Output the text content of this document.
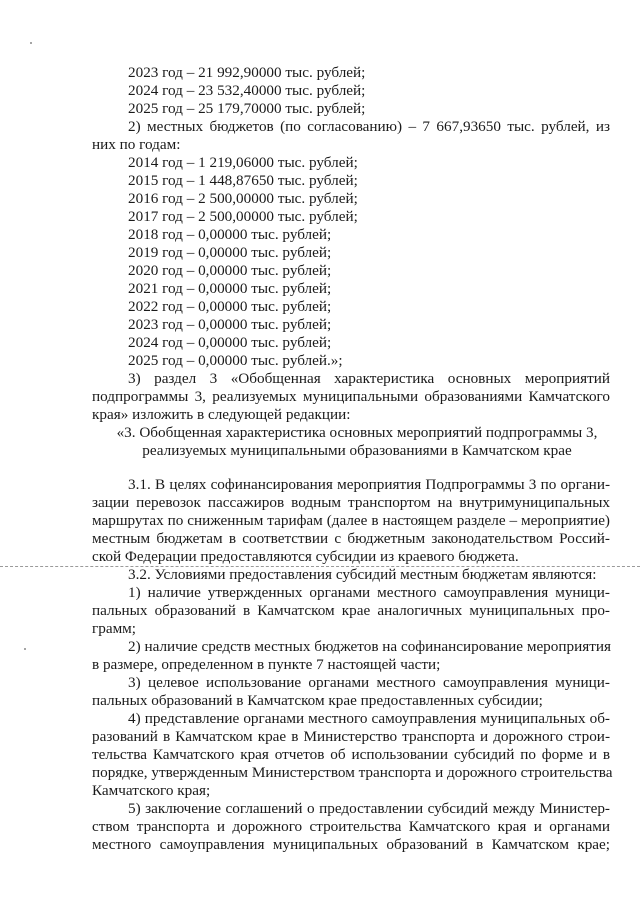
2023 год – 21 992,90000 тыс. рублей;

2024 год – 23 532,40000 тыс. рублей;

2025 год – 25 179,70000 тыс. рублей;

2) местных бюджетов (по согласованию) – 7 667,93650 тыс. рублей, из

них по годам:

2014 год – 1 219,06000 тыс. рублей;

2015 год – 1 448,87650 тыс. рублей;

2016 год – 2 500,00000 тыс. рублей;

2017 год – 2 500,00000 тыс. рублей;

2018 год – 0,00000 тыс. рублей;

2019 год – 0,00000 тыс. рублей;

2020 год – 0,00000 тыс. рублей;

2021 год – 0,00000 тыс. рублей;

2022 год – 0,00000 тыс. рублей;

2023 год – 0,00000 тыс. рублей;

2024 год – 0,00000 тыс. рублей;

2025 год – 0,00000 тыс. рублей.»;

3) раздел 3 «Обобщенная характеристика основных мероприятий

подпрограммы 3, реализуемых муниципальными образованиями Камчатского

края» изложить в следующей редакции:

«3. Обобщенная характеристика основных мероприятий подпрограммы 3,

реализуемых муниципальными образованиями в Камчатском крае

3.1. В целях софинансирования мероприятия Подпрограммы 3 по органи-

зации перевозок пассажиров водным транспортом на внутримуниципальных

маршрутах по сниженным тарифам (далее в настоящем разделе – мероприятие)

местным бюджетам в соответствии с бюджетным законодательством Россий-

ской Федерации предоставляются субсидии из краевого бюджета.

3.2. Условиями предоставления субсидий местным бюджетам являются:

1) наличие утвержденных органами местного самоуправления муници-

пальных образований в Камчатском крае аналогичных муниципальных про-

грамм;

2) наличие средств местных бюджетов на софинансирование мероприятия

в размере, определенном в пункте 7 настоящей части;

3) целевое использование органами местного самоуправления муници-

пальных образований в Камчатском крае предоставленных субсидии;

4) представление органами местного самоуправления муниципальных об-

разований в Камчатском крае в Министерство транспорта и дорожного строи-

тельства Камчатского края отчетов об использовании субсидий по форме и в

порядке, утвержденным Министерством транспорта и дорожного строительства

Камчатского края;

5) заключение соглашений о предоставлении субсидий между Министер-

ством транспорта и дорожного строительства Камчатского края и органами

местного самоуправления муниципальных образований в Камчатском крае;
